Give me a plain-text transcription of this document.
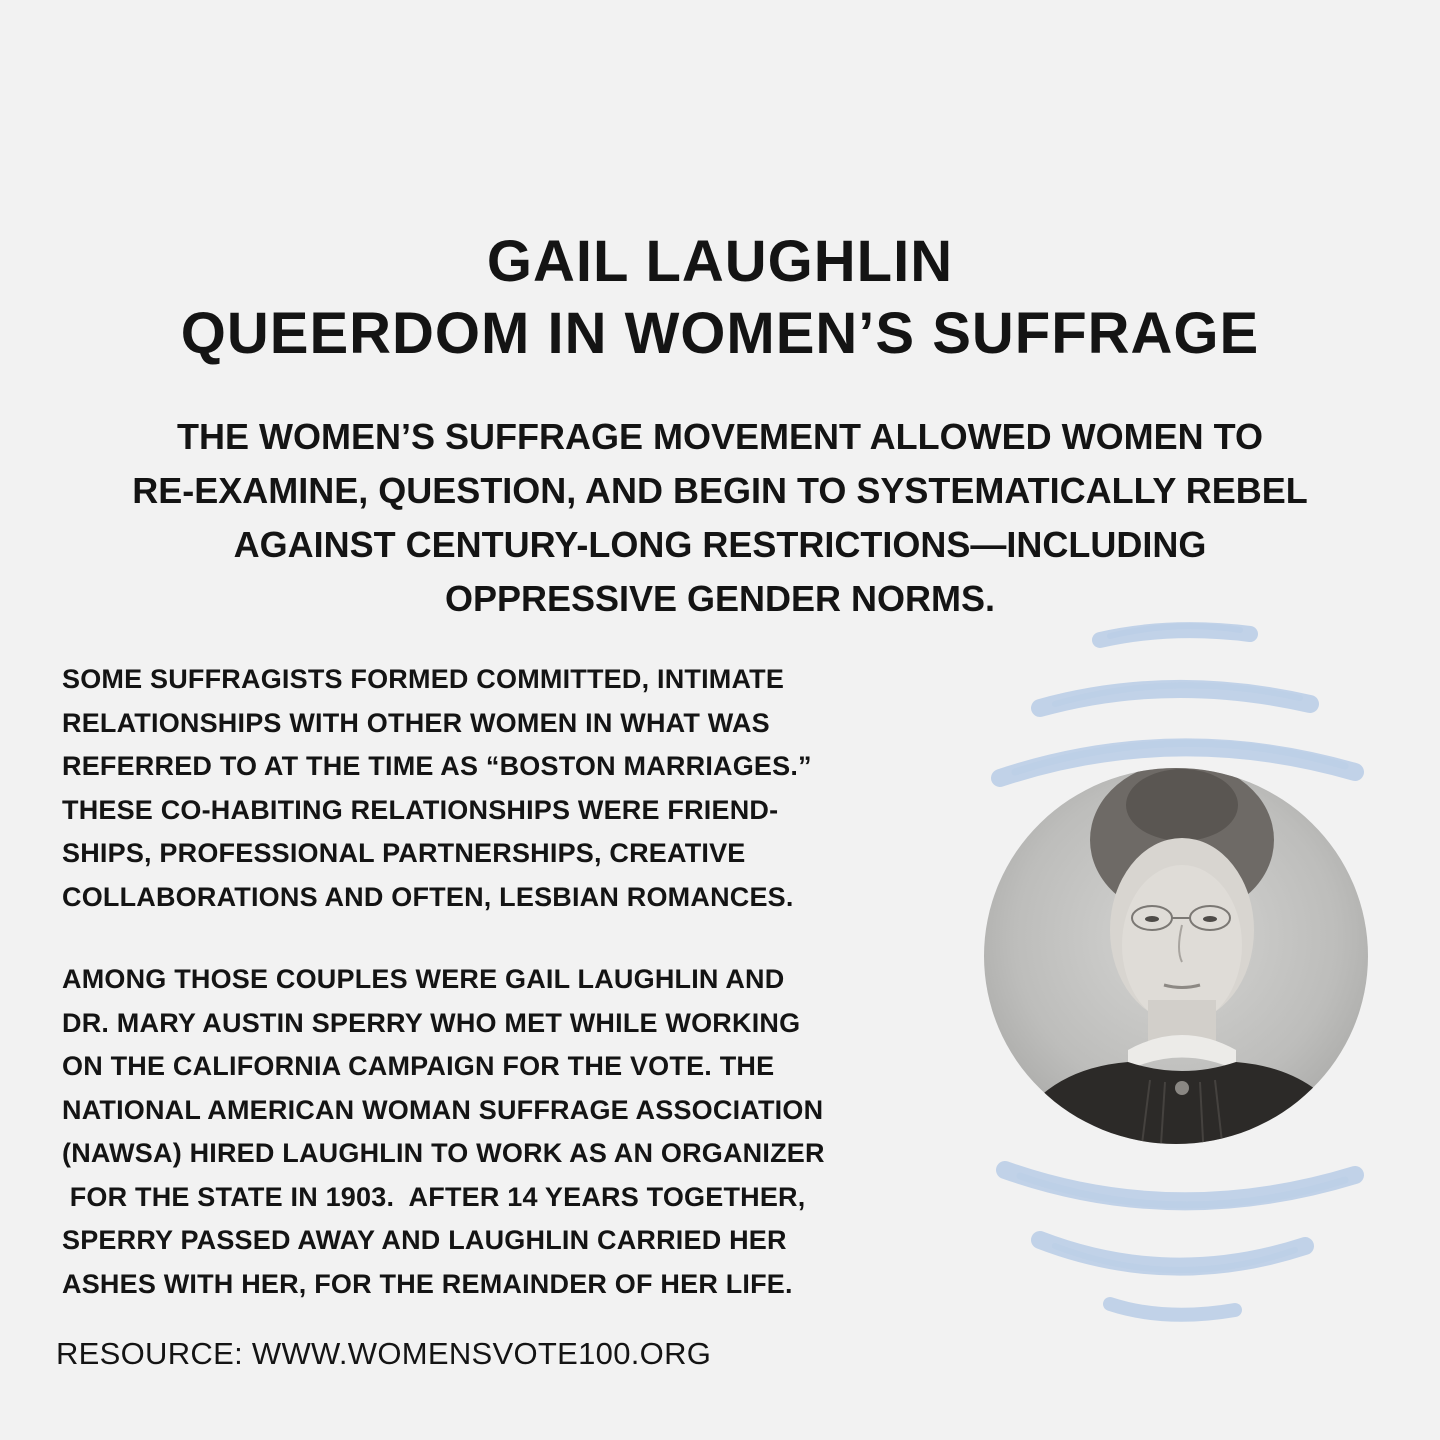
GAIL LAUGHLIN
QUEERDOM IN WOMEN’S SUFFRAGE
THE WOMEN’S SUFFRAGE MOVEMENT ALLOWED WOMEN TO
RE-EXAMINE, QUESTION, AND BEGIN TO SYSTEMATICALLY REBEL
AGAINST CENTURY-LONG RESTRICTIONS—INCLUDING
OPPRESSIVE GENDER NORMS.
SOME SUFFRAGISTS FORMED COMMITTED, INTIMATE
RELATIONSHIPS WITH OTHER WOMEN IN WHAT WAS
REFERRED TO AT THE TIME AS “BOSTON MARRIAGES.”
THESE CO-HABITING RELATIONSHIPS WERE FRIEND-
SHIPS, PROFESSIONAL PARTNERSHIPS, CREATIVE
COLLABORATIONS AND OFTEN, LESBIAN ROMANCES.
AMONG THOSE COUPLES WERE GAIL LAUGHLIN AND
DR. MARY AUSTIN SPERRY WHO MET WHILE WORKING
ON THE CALIFORNIA CAMPAIGN FOR THE VOTE. THE
NATIONAL AMERICAN WOMAN SUFFRAGE ASSOCIATION
(NAWSA) HIRED LAUGHLIN TO WORK AS AN ORGANIZER
FOR THE STATE IN 1903.  AFTER 14 YEARS TOGETHER,
SPERRY PASSED AWAY AND LAUGHLIN CARRIED HER
ASHES WITH HER, FOR THE REMAINDER OF HER LIFE.
RESOURCE: WWW.WOMENSVOTE100.ORG
